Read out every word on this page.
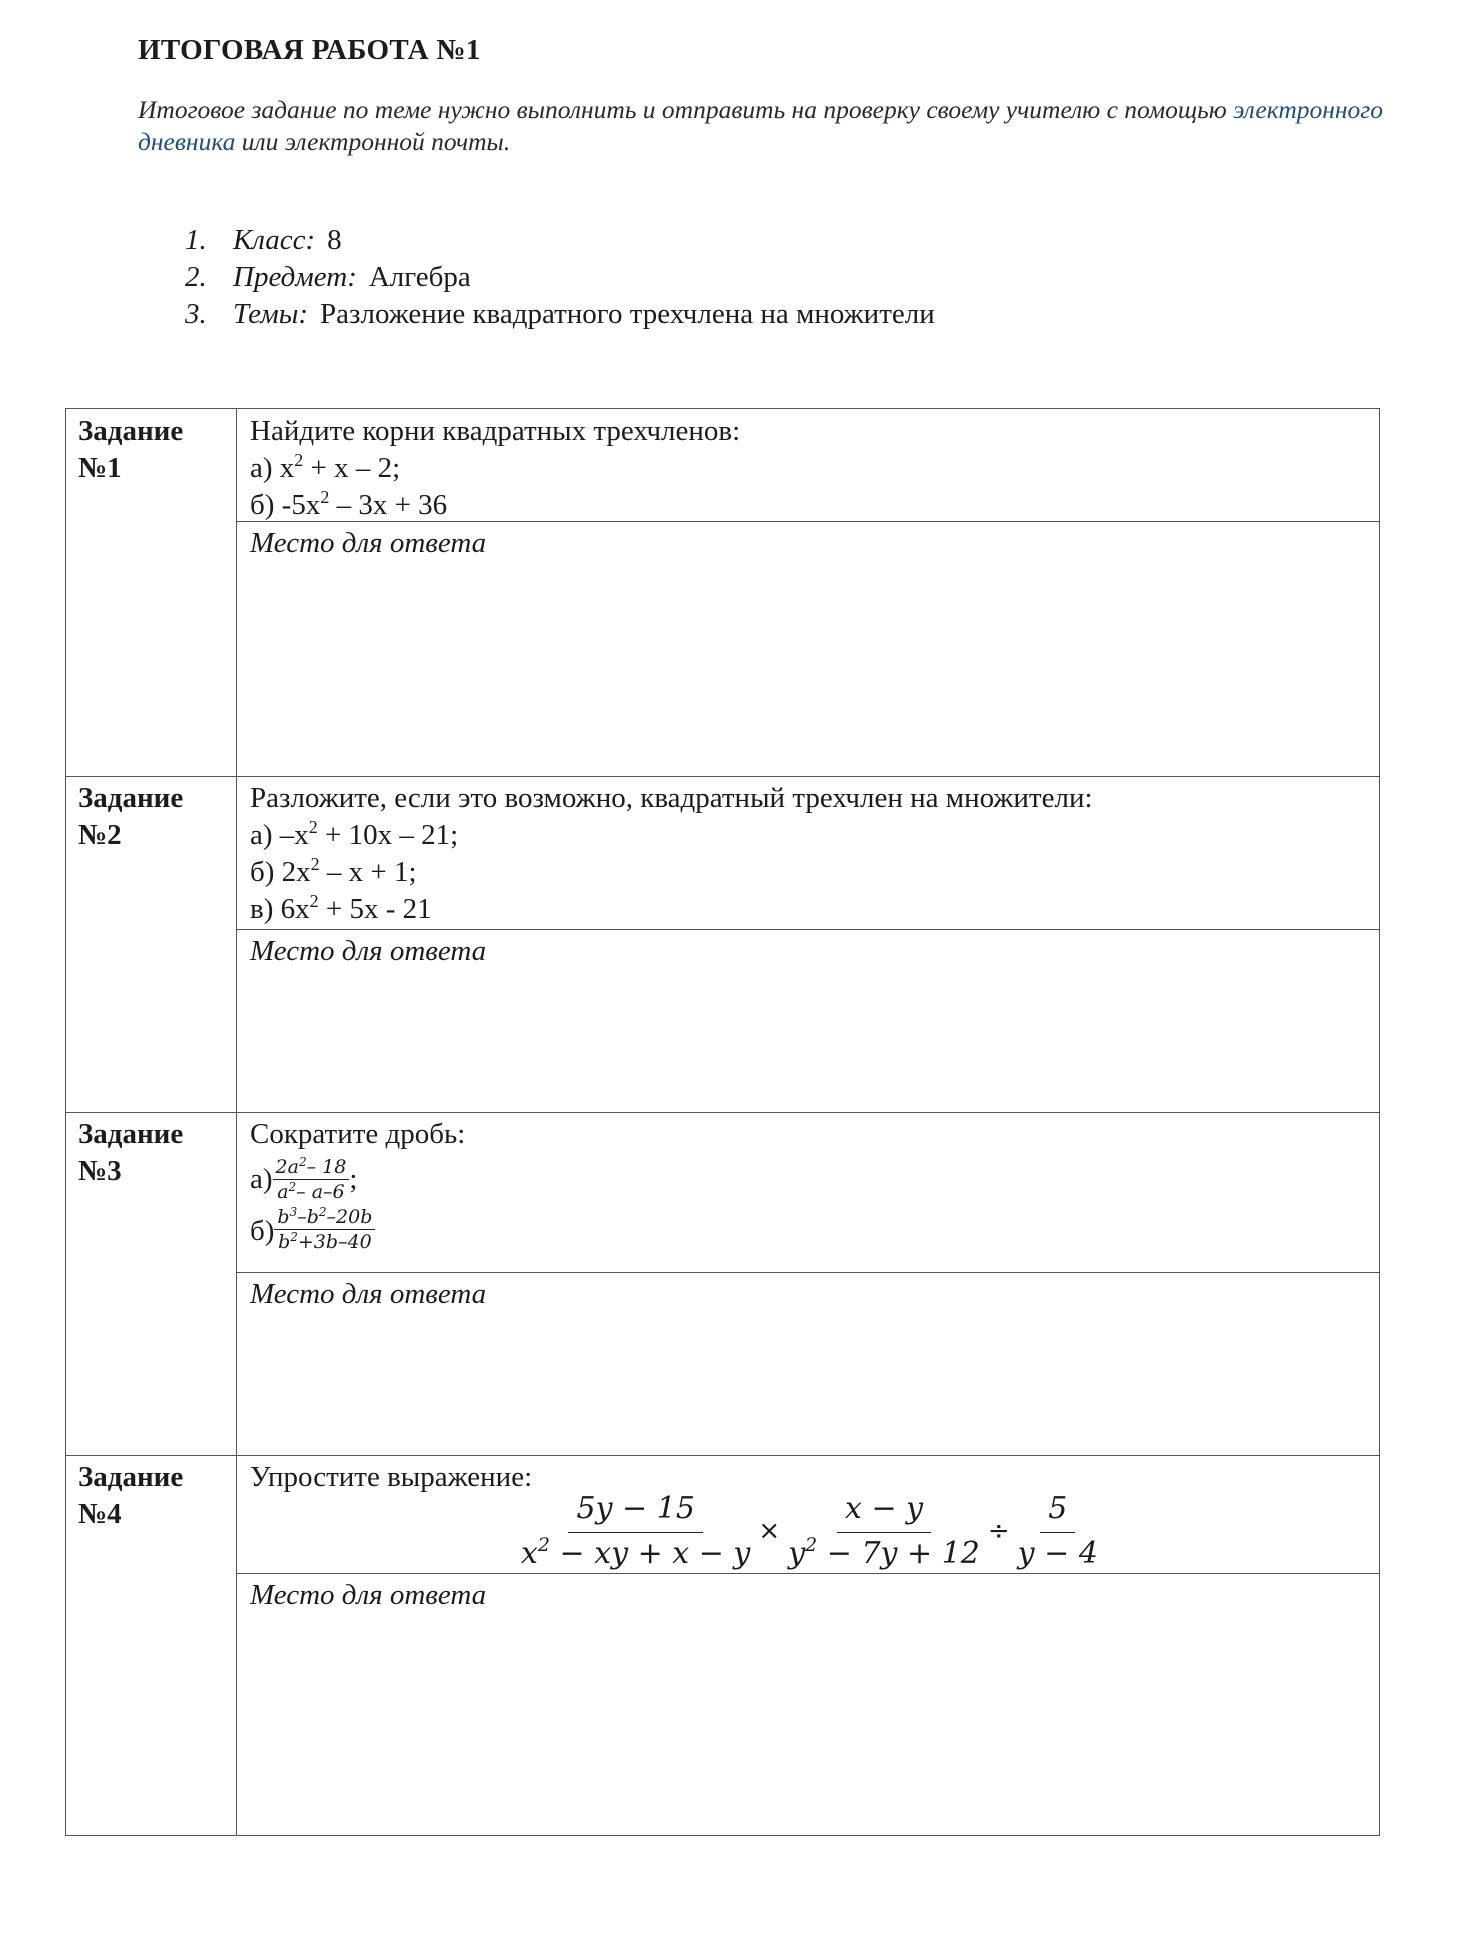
ИТОГОВАЯ РАБОТА №1
Итоговое задание по теме нужно выполнить и отправить на проверку своему учителю с помощью электронного дневника или электронной почты.
1. Класс: 8
2. Предмет: Алгебра
3. Темы: Разложение квадратного трехчлена на множители
Задание
№1
Найдите корни квадратных трехчленов:
а) $x^2 + x - 2$;
б) $-5x^2 - 3x + 36$
Место для ответа
Задание
№2
Разложите, если это возможно, квадратный трехчлен на множители:
а) $-x^2 + 10x - 21$;
б) $2x^2 - x + 1$;
в) $6x^2 + 5x - 21$
Место для ответа
Задание
№3
Сократите дробь:
$а) \frac{2a^2- 18}{a^2- a-6}$ ;
$б) \frac{b^3-b^2-20b}{b^2+3b-40}$
Место для ответа
Задание
№4
Упростите выражение:
$\frac{5y - 15}{x^2 - xy + x - y} \times \frac{x - y}{y^2 - 7y + 12} \div \frac{5}{y - 4}$
Место для ответа
